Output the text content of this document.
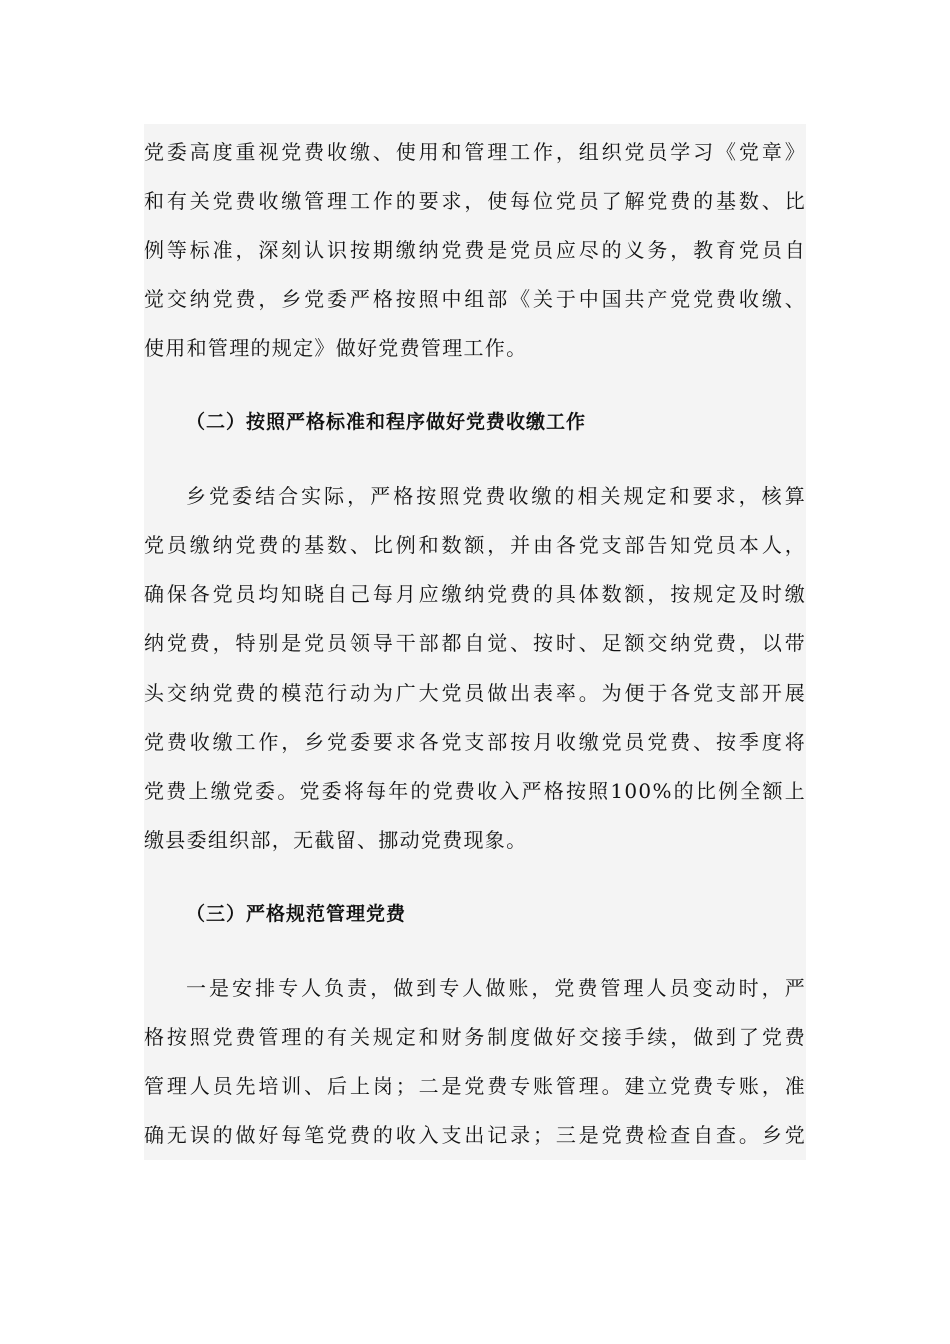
党委高度重视党费收缴、使用和管理工作，组织党员学习《党章》
和有关党费收缴管理工作的要求，使每位党员了解党费的基数、比
例等标准，深刻认识按期缴纳党费是党员应尽的义务，教育党员自
觉交纳党费，乡党委严格按照中组部《关于中国共产党党费收缴、
使用和管理的规定》做好党费管理工作。
（二）按照严格标准和程序做好党费收缴工作
乡党委结合实际，严格按照党费收缴的相关规定和要求，核算
党员缴纳党费的基数、比例和数额，并由各党支部告知党员本人，
确保各党员均知晓自己每月应缴纳党费的具体数额，按规定及时缴
纳党费，特别是党员领导干部都自觉、按时、足额交纳党费，以带
头交纳党费的模范行动为广大党员做出表率。为便于各党支部开展
党费收缴工作，乡党委要求各党支部按月收缴党员党费、按季度将
党费上缴党委。党委将每年的党费收入严格按照100%的比例全额上
缴县委组织部，无截留、挪动党费现象。
（三）严格规范管理党费
一是安排专人负责，做到专人做账，党费管理人员变动时，严
格按照党费管理的有关规定和财务制度做好交接手续，做到了党费
管理人员先培训、后上岗；二是党费专账管理。建立党费专账，准
确无误的做好每笔党费的收入支出记录；三是党费检查自查。乡党
